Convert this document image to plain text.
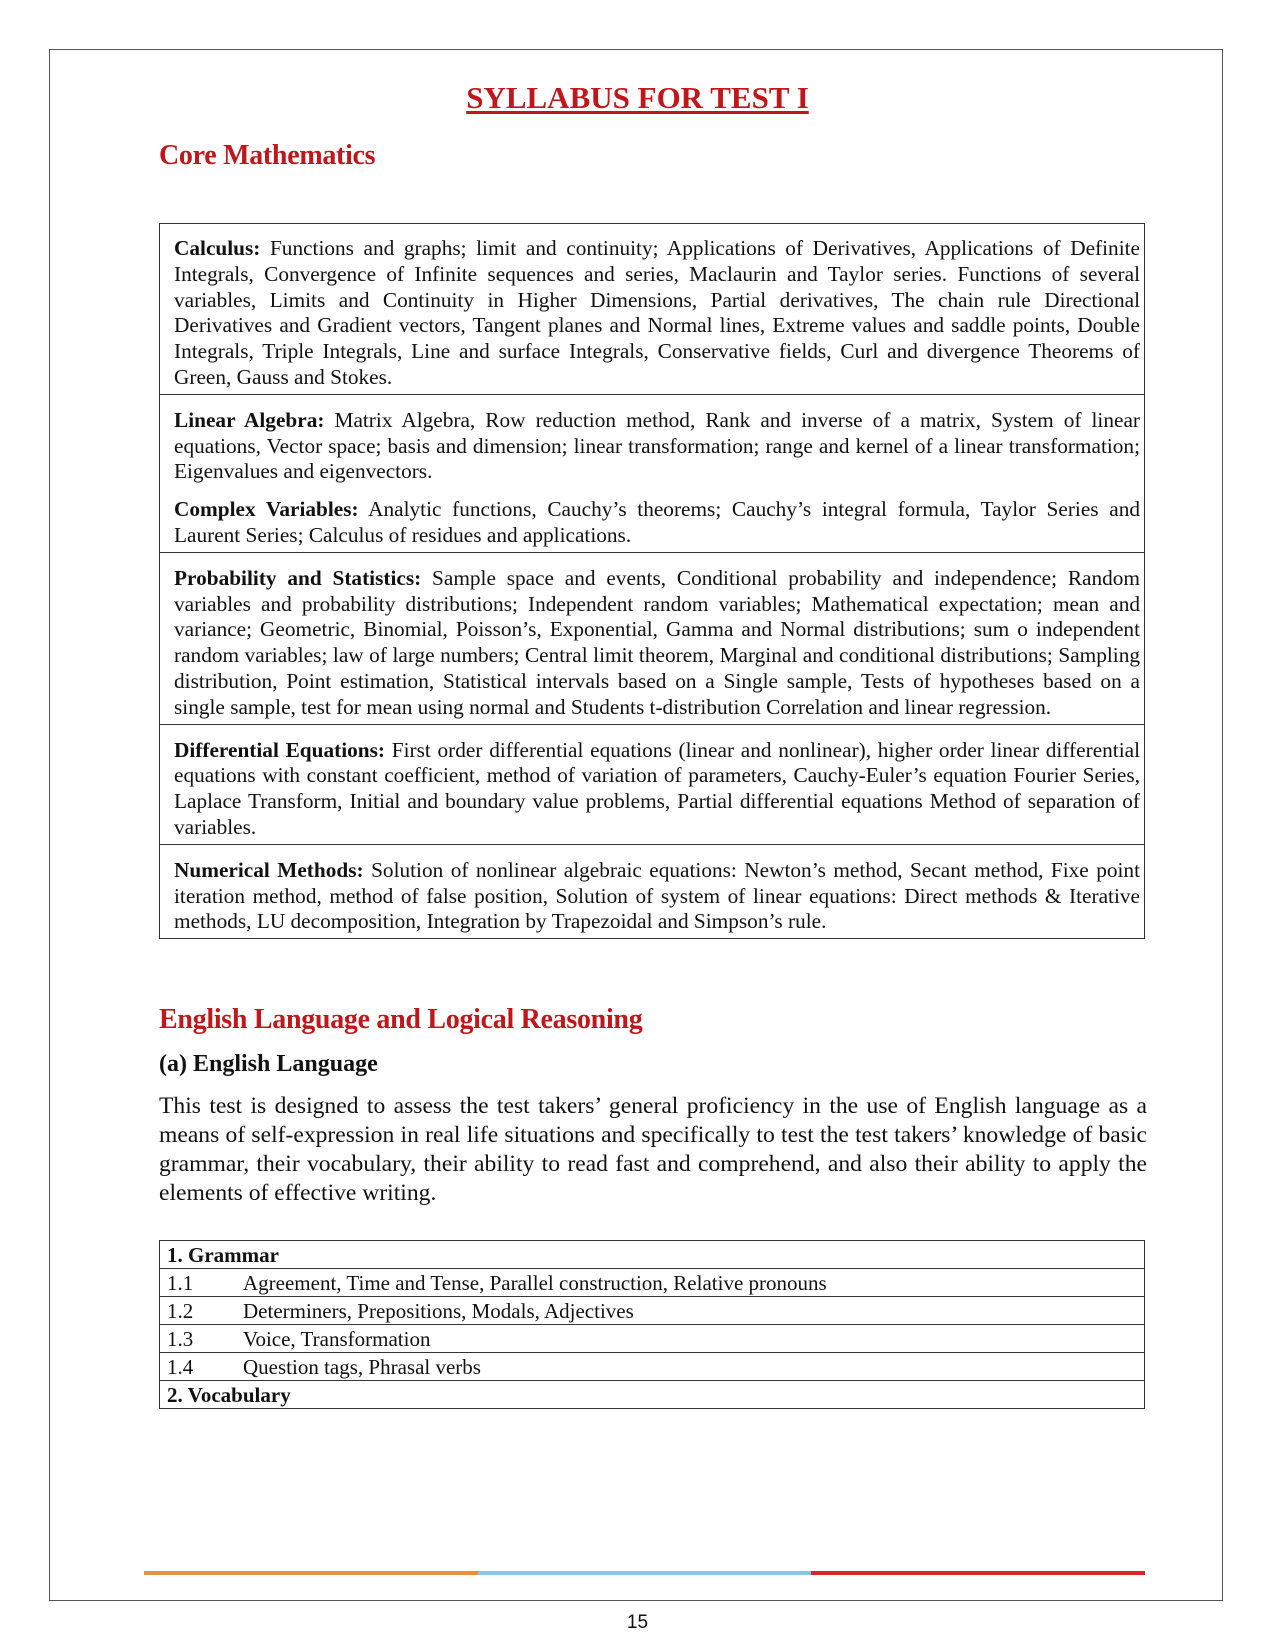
SYLLABUS FOR TEST I
Core Mathematics
Calculus: Functions and graphs; limit and continuity; Applications of Derivatives, Applications of Definite Integrals, Convergence of Infinite sequences and series, Maclaurin and Taylor series. Functions of several variables, Limits and Continuity in Higher Dimensions, Partial derivatives, The chain rule Directional Derivatives and Gradient vectors, Tangent planes and Normal lines, Extreme values and saddle points, Double Integrals, Triple Integrals, Line and surface Integrals, Conservative fields, Curl and divergence Theorems of Green, Gauss and Stokes.
Linear Algebra: Matrix Algebra, Row reduction method, Rank and inverse of a matrix, System of linear equations, Vector space; basis and dimension; linear transformation; range and kernel of a linear transformation; Eigenvalues and eigenvectors.
Complex Variables: Analytic functions, Cauchy’s theorems; Cauchy’s integral formula, Taylor Series and Laurent Series; Calculus of residues and applications.
Probability and Statistics: Sample space and events, Conditional probability and independence; Random variables and probability distributions; Independent random variables; Mathematical expectation; mean and variance; Geometric, Binomial, Poisson’s, Exponential, Gamma and Normal distributions; sum o independent random variables; law of large numbers; Central limit theorem, Marginal and conditional distributions; Sampling distribution, Point estimation, Statistical intervals based on a Single sample, Tests of hypotheses based on a single sample, test for mean using normal and Students t-distribution Correlation and linear regression.
Differential Equations: First order differential equations (linear and nonlinear), higher order linear differential equations with constant coefficient, method of variation of parameters, Cauchy-Euler’s equation Fourier Series, Laplace Transform, Initial and boundary value problems, Partial differential equations Method of separation of variables.
Numerical Methods: Solution of nonlinear algebraic equations: Newton’s method, Secant method, Fixe point iteration method, method of false position, Solution of system of linear equations: Direct methods & Iterative methods, LU decomposition, Integration by Trapezoidal and Simpson’s rule.
English Language and Logical Reasoning
(a) English Language

This test is designed to assess the test takers’ general proficiency in the use of English language as a means of self-expression in real life situations and specifically to test the test takers’ knowledge of basic grammar, their vocabulary, their ability to read fast and comprehend, and also their ability to apply the elements of effective writing.

1. Grammar
1.1 Agreement, Time and Tense, Parallel construction, Relative pronouns
1.2 Determiners, Prepositions, Modals, Adjectives
1.3 Voice, Transformation
1.4 Question tags, Phrasal verbs
2. Vocabulary

15
